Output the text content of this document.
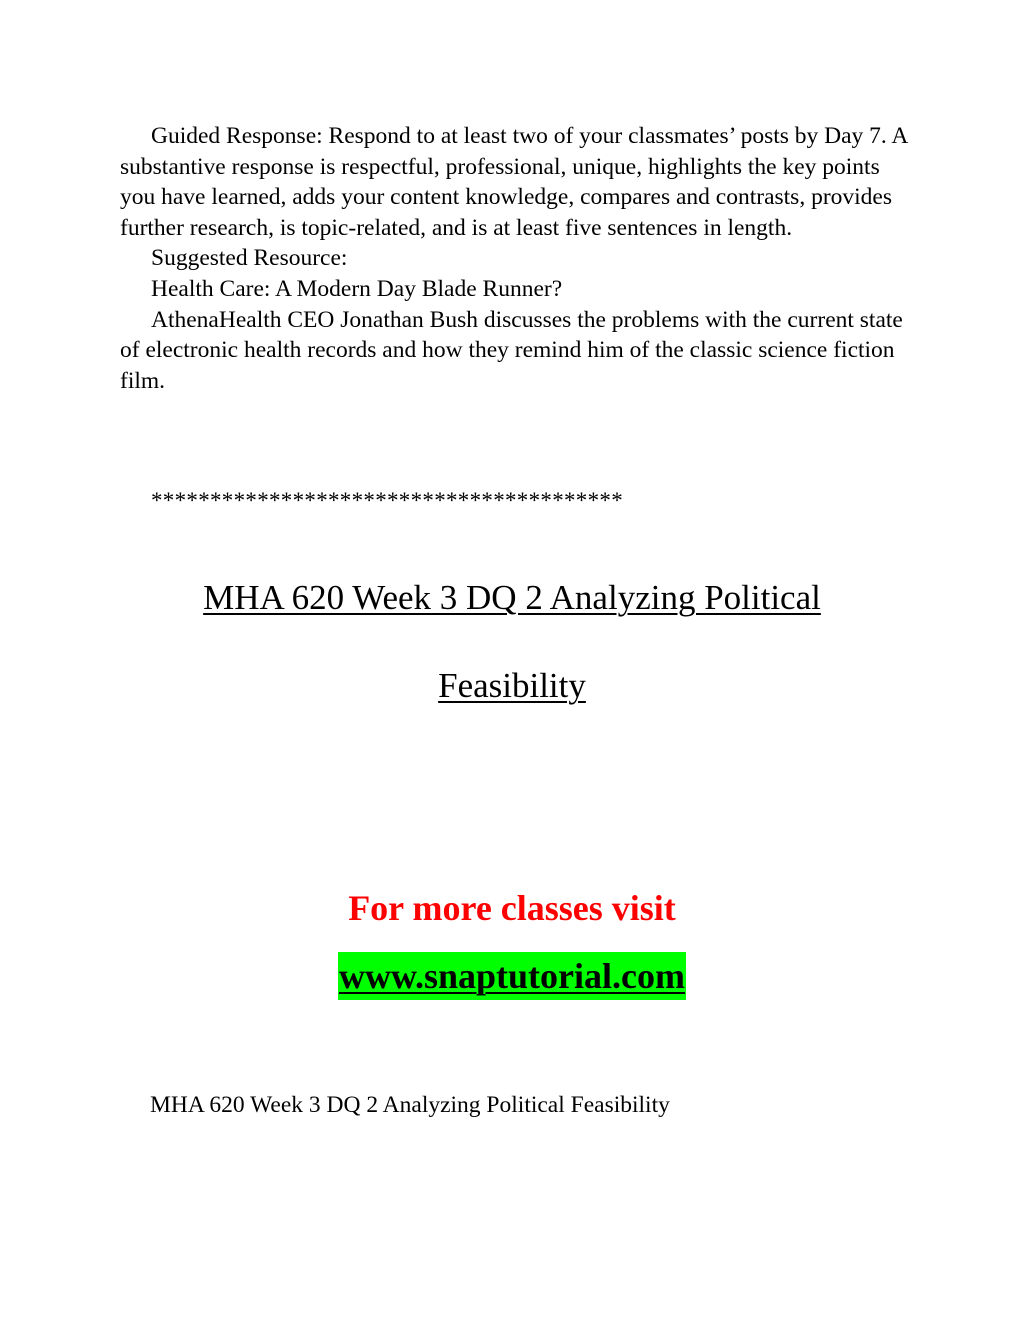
Guided Response: Respond to at least two of your classmates’ posts by Day 7. A substantive response is respectful, professional, unique, highlights the key points you have learned, adds your content knowledge, compares and contrasts, provides further research, is topic-related, and is at least five sentences in length.

Suggested Resource:

Health Care: A Modern Day Blade Runner?

AthenaHealth CEO Jonathan Bush discusses the problems with the current state of electronic health records and how they remind him of the classic science fiction film.

****************************************
MHA 620 Week 3 DQ 2 Analyzing Political
Feasibility
For more classes visit
www.snaptutorial.com
MHA 620 Week 3 DQ 2 Analyzing Political Feasibility
